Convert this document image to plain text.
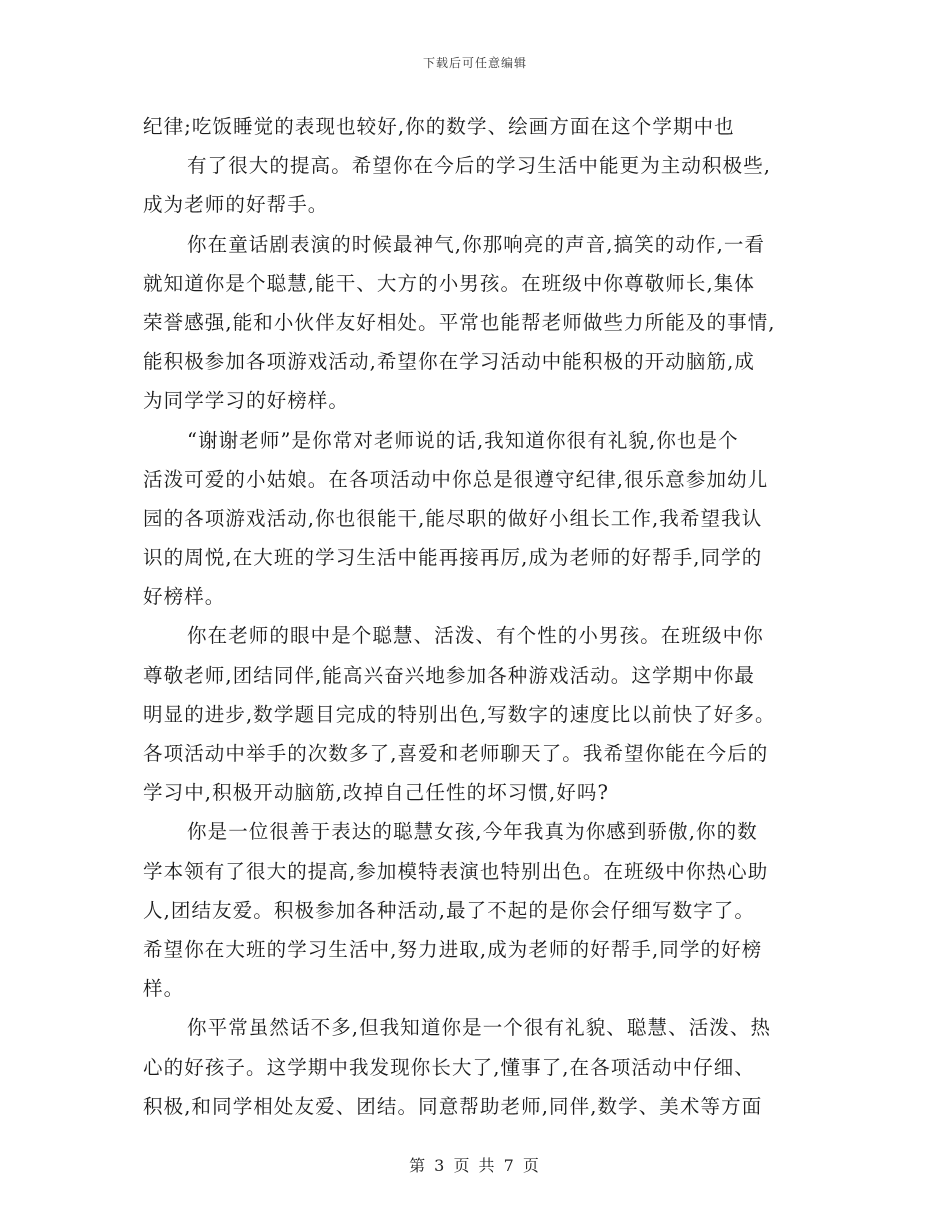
下载后可任意编辑
纪律;吃饭睡觉的表现也较好,你的数学、绘画方面在这个学期中也
有了很大的提高。希望你在今后的学习生活中能更为主动积极些,
成为老师的好帮手。
你在童话剧表演的时候最神气,你那响亮的声音,搞笑的动作,一看
就知道你是个聪慧,能干、大方的小男孩。在班级中你尊敬师长,集体
荣誉感强,能和小伙伴友好相处。平常也能帮老师做些力所能及的事情,
能积极参加各项游戏活动,希望你在学习活动中能积极的开动脑筋,成
为同学学习的好榜样。
“谢谢老师”是你常对老师说的话,我知道你很有礼貌,你也是个
活泼可爱的小姑娘。在各项活动中你总是很遵守纪律,很乐意参加幼儿
园的各项游戏活动,你也很能干,能尽职的做好小组长工作,我希望我认
识的周悦,在大班的学习生活中能再接再厉,成为老师的好帮手,同学的
好榜样。
你在老师的眼中是个聪慧、活泼、有个性的小男孩。在班级中你
尊敬老师,团结同伴,能高兴奋兴地参加各种游戏活动。这学期中你最
明显的进步,数学题目完成的特别出色,写数字的速度比以前快了好多。
各项活动中举手的次数多了,喜爱和老师聊天了。我希望你能在今后的
学习中,积极开动脑筋,改掉自己任性的坏习惯,好吗?
你是一位很善于表达的聪慧女孩,今年我真为你感到骄傲,你的数
学本领有了很大的提高,参加模特表演也特别出色。在班级中你热心助
人,团结友爱。积极参加各种活动,最了不起的是你会仔细写数字了。
希望你在大班的学习生活中,努力进取,成为老师的好帮手,同学的好榜
样。
你平常虽然话不多,但我知道你是一个很有礼貌、聪慧、活泼、热
心的好孩子。这学期中我发现你长大了,懂事了,在各项活动中仔细、
积极,和同学相处友爱、团结。同意帮助老师,同伴,数学、美术等方面
第 3 页 共 7 页
